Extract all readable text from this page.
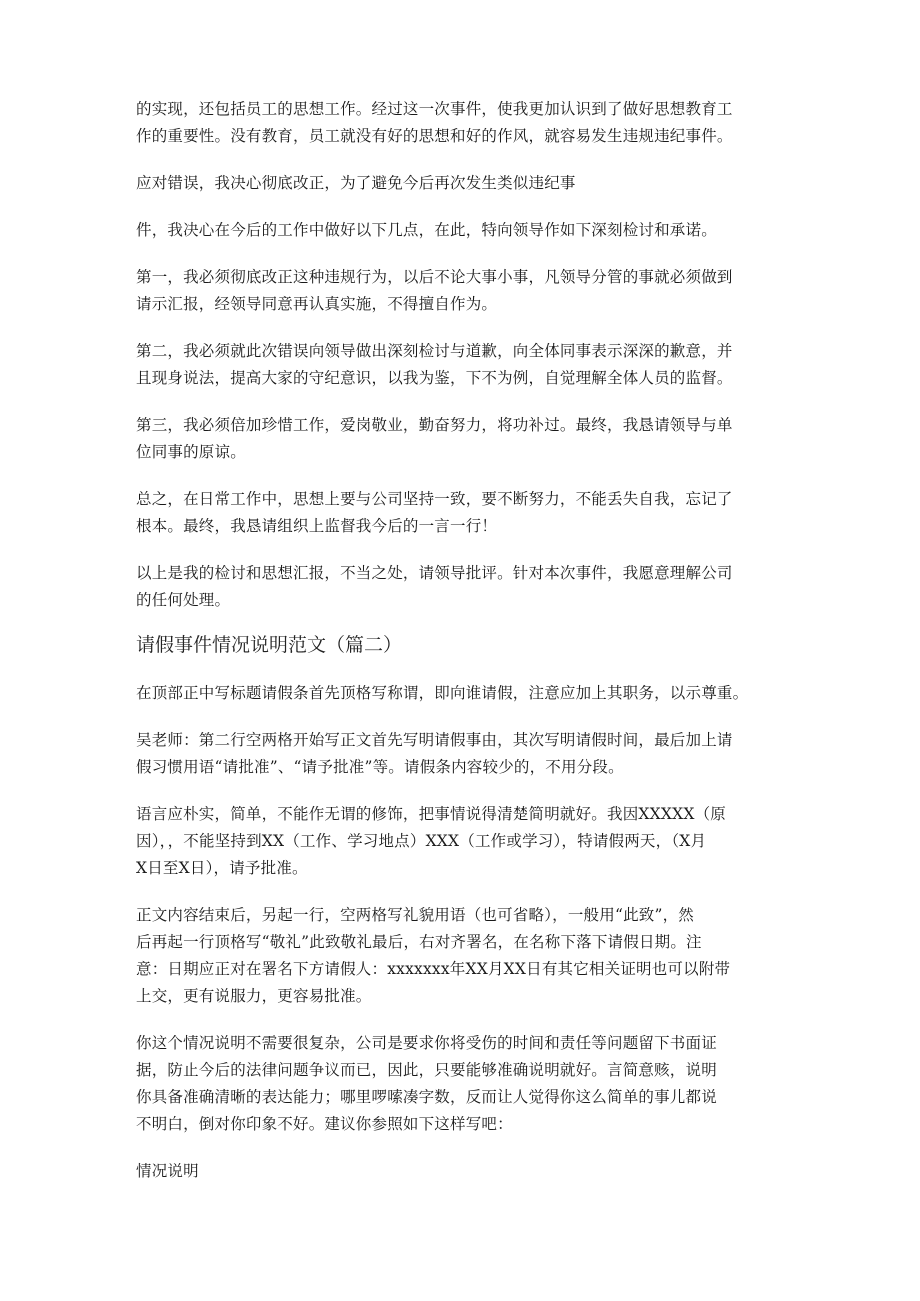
的实现，还包括员工的思想工作。经过这一次事件，使我更加认识到了做好思想教育工
作的重要性。没有教育，员工就没有好的思想和好的作风，就容易发生违规违纪事件。

应对错误，我决心彻底改正，为了避免今后再次发生类似违纪事

件，我决心在今后的工作中做好以下几点，在此，特向领导作如下深刻检讨和承诺。

第一，我必须彻底改正这种违规行为，以后不论大事小事，凡领导分管的事就必须做到
请示汇报，经领导同意再认真实施，不得擅自作为。

第二，我必须就此次错误向领导做出深刻检讨与道歉，向全体同事表示深深的歉意，并
且现身说法，提高大家的守纪意识，以我为鉴，下不为例，自觉理解全体人员的监督。

第三，我必须倍加珍惜工作，爱岗敬业，勤奋努力，将功补过。最终，我恳请领导与单
位同事的原谅。

总之，在日常工作中，思想上要与公司坚持一致，要不断努力，不能丢失自我，忘记了
根本。最终，我恳请组织上监督我今后的一言一行！

以上是我的检讨和思想汇报，不当之处，请领导批评。针对本次事件，我愿意理解公司
的任何处理。

请假事件情况说明范文（篇二）

在顶部正中写标题请假条首先顶格写称谓，即向谁请假，注意应加上其职务，以示尊重。

吴老师：第二行空两格开始写正文首先写明请假事由，其次写明请假时间，最后加上请
假习惯用语“请批准”、“请予批准”等。请假条内容较少的，不用分段。

语言应朴实，简单，不能作无谓的修饰，把事情说得清楚简明就好。我因XXXXX（原
因），，不能坚持到XX（工作、学习地点）XXX（工作或学习），特请假两天，（X月
X日至X日），请予批准。

正文内容结束后，另起一行，空两格写礼貌用语（也可省略），一般用“此致”，然
后再起一行顶格写“敬礼”此致敬礼最后，右对齐署名，在名称下落下请假日期。注
意：日期应正对在署名下方请假人：xxxxxxx年XX月XX日有其它相关证明也可以附带
上交，更有说服力，更容易批准。

你这个情况说明不需要很复杂，公司是要求你将受伤的时间和责任等问题留下书面证
据，防止今后的法律问题争议而已，因此，只要能够准确说明就好。言简意赅，说明
你具备准确清晰的表达能力；哪里啰嗦凑字数，反而让人觉得你这么简单的事儿都说
不明白，倒对你印象不好。建议你参照如下这样写吧：

情况说明
